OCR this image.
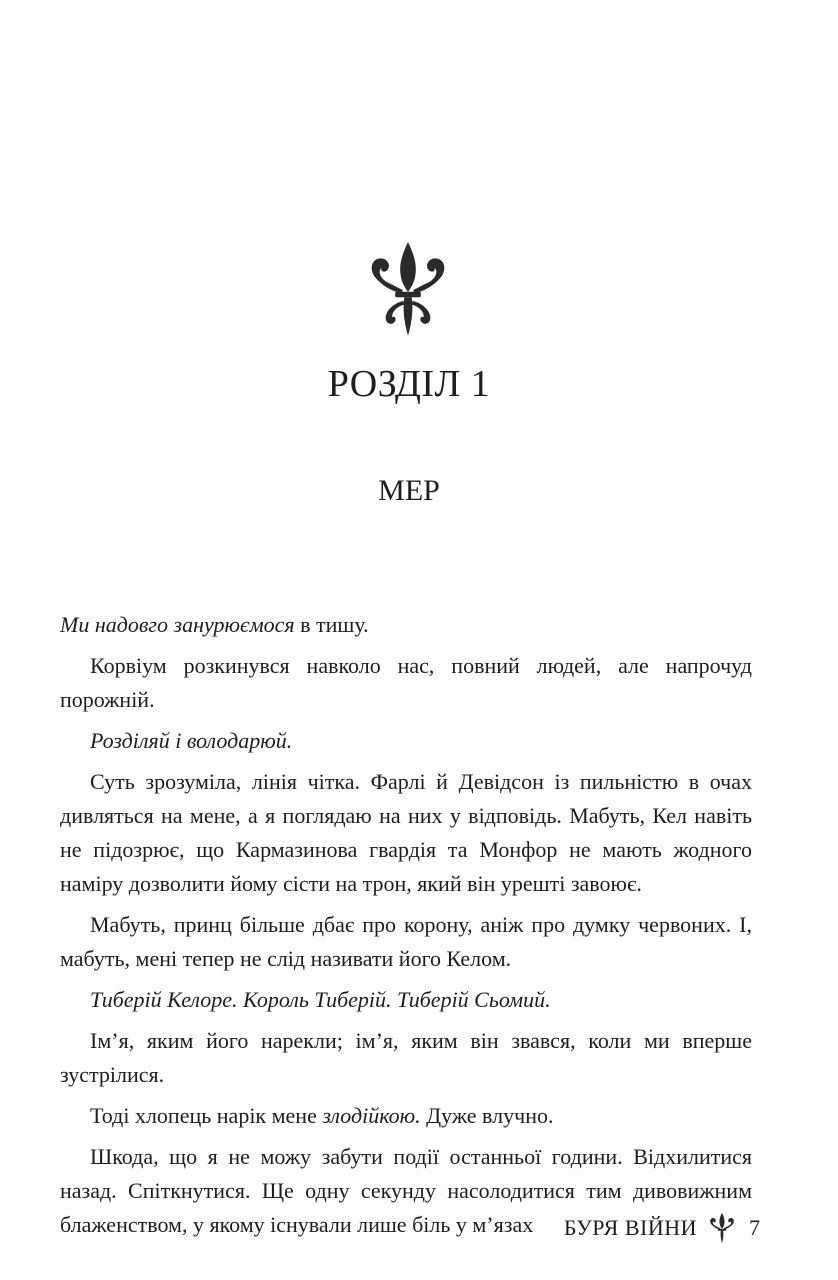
РОЗДІЛ 1
МЕР

Ми надовго занурюємося в тишу.

Корвіум розкинувся навколо нас, повний людей, але напрочуд порожній.

Розділяй і володарюй.

Суть зрозуміла, лінія чітка. Фарлі й Девідсон із пильністю в очах дивляться на мене, а я поглядаю на них у відповідь. Мабуть, Кел навіть не підозрює, що Кармазинова гвардія та Монфор не мають жодного наміру дозволити йому сісти на трон, який він урешті завоює.

Мабуть, принц більше дбає про корону, аніж про думку червоних. І, мабуть, мені тепер не слід називати його Келом.

Тиберій Келоре. Король Тиберій. Тиберій Сьомий.

Ім’я, яким його нарекли; ім’я, яким він звався, коли ми вперше зустрілися.

Тоді хлопець нарік мене злодійкою. Дуже влучно.

Шкода, що я не можу забути події останньої години. Відхилитися назад. Спіткнутися. Ще одну секунду насолодитися тим дивовижним блаженством, у якому існували лише біль у м’язах	БУРЯ ВІЙНИ 7
